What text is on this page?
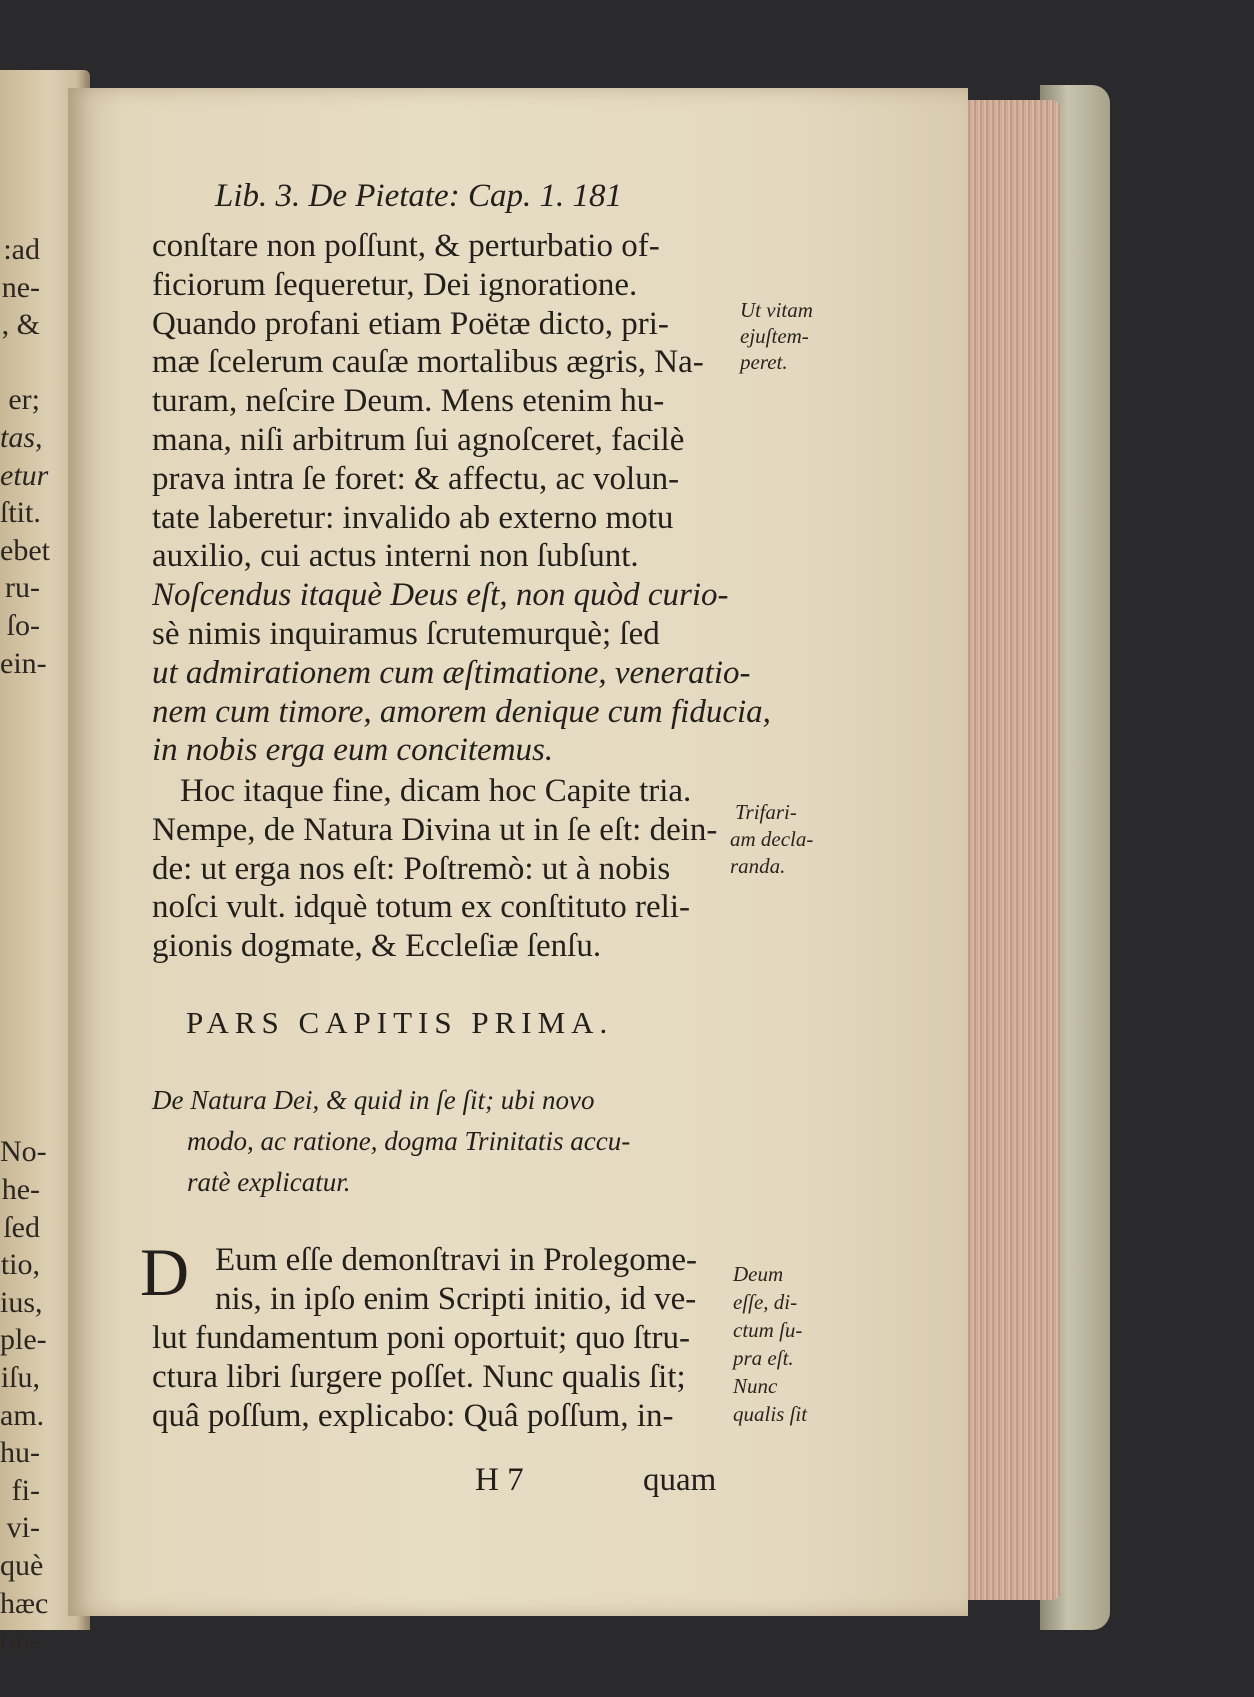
:ad
ne-
, &
er;
tas,
etur
ſtit.
ebet
ru-
ſo-
ein-
No-
he-
ſed
tio,
ius,
ple-
iſu,
am.
hu-
fi-
vi-
què
hæc
on-
Lib. 3. De Pietate: Cap. 1. 181
conſtare non poſſunt, & perturbatio of-
ficiorum ſequeretur, Dei ignoratione.
Quando profani etiam Poëtæ dicto, pri-
mæ ſcelerum cauſæ mortalibus ægris, Na-
turam, neſcire Deum. Mens etenim hu-
mana, niſi arbitrum ſui agnoſceret, facilè
prava intra ſe foret: & affectu, ac volun-
tate laberetur: invalido ab externo motu
auxilio, cui actus interni non ſubſunt.
Noſcendus itaquè Deus eſt, non quòd curio-
sè nimis inquiramus ſcrutemurquè; ſed
ut admirationem cum æſtimatione, veneratio-
nem cum timore, amorem denique cum fiducia,
in nobis erga eum concitemus.
Hoc itaque fine, dicam hoc Capite tria.
Nempe, de Natura Divina ut in ſe eſt: dein-
de: ut erga nos eſt: Poſtremò: ut à nobis
noſci vult. idquè totum ex conſtituto reli-
gionis dogmate, & Eccleſiæ ſenſu.
PARS CAPITIS PRIMA.
De Natura Dei, & quid in ſe ſit; ubi novo
modo, ac ratione, dogma Trinitatis accu-
ratè explicatur.
D Eum eſſe demonſtravi in Prolegome-
nis, in ipſo enim Scripti initio, id ve-
lut fundamentum poni oportuit; quo ſtru-
ctura libri ſurgere poſſet. Nunc qualis ſit;
quâ poſſum, explicabo: Quâ poſſum, in-
H 7	quam
Ut vitam
ejuſtem-
peret.
Trifari-
am decla-
randa.
Deum
eſſe, di-
ctum ſu-
pra eſt.
Nunc
qualis ſit
